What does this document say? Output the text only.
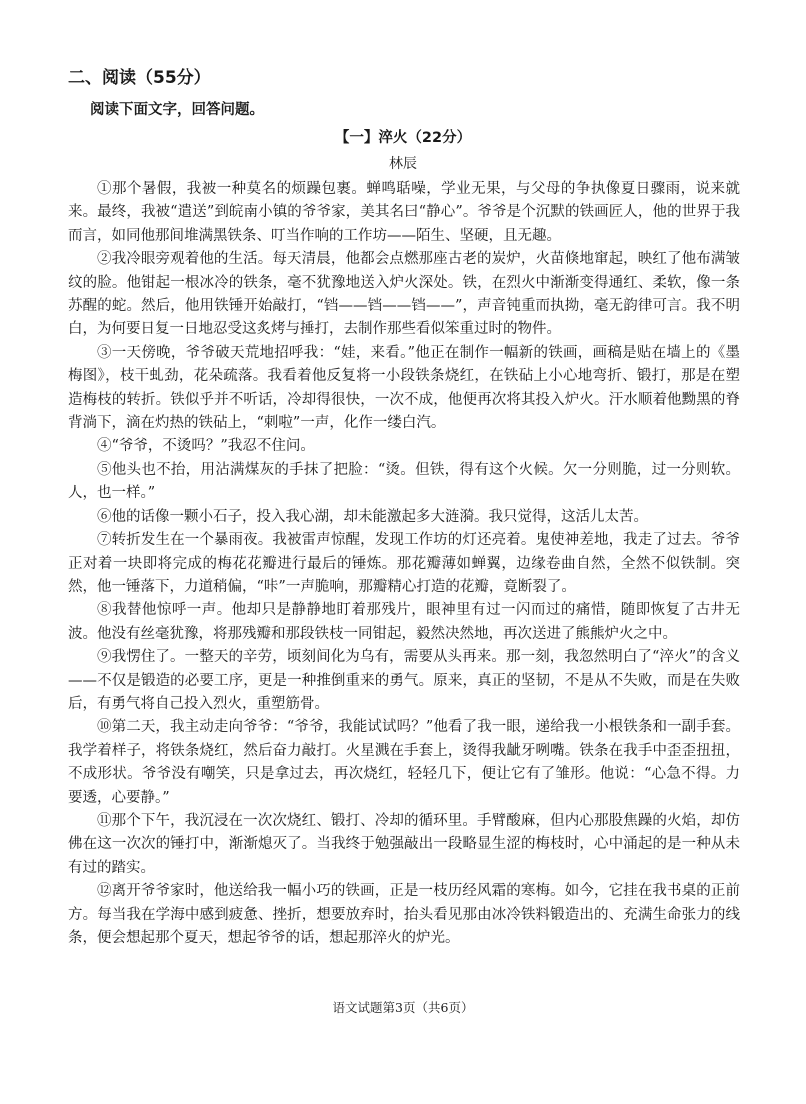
二、阅读（55分）

阅读下面文字，回答问题。

【一】淬火（22分）

林辰

①那个暑假，我被一种莫名的烦躁包裹。蝉鸣聒噪，学业无果，与父母的争执像夏日骤雨，说来就来。最终，我被“遣送”到皖南小镇的爷爷家，美其名曰“静心”。爷爷是个沉默的铁画匠人，他的世界于我而言，如同他那间堆满黑铁条、叮当作响的工作坊——陌生、坚硬，且无趣。

②我冷眼旁观着他的生活。每天清晨，他都会点燃那座古老的炭炉，火苗倏地窜起，映红了他布满皱纹的脸。他钳起一根冰冷的铁条，毫不犹豫地送入炉火深处。铁，在烈火中渐渐变得通红、柔软，像一条苏醒的蛇。然后，他用铁锤开始敲打，“铛——铛——铛——”，声音钝重而执拗，毫无韵律可言。我不明白，为何要日复一日地忍受这炙烤与捶打，去制作那些看似笨重过时的物件。

③一天傍晚，爷爷破天荒地招呼我：“娃，来看。”他正在制作一幅新的铁画，画稿是贴在墙上的《墨梅图》，枝干虬劲，花朵疏落。我看着他反复将一小段铁条烧红，在铁砧上小心地弯折、锻打，那是在塑造梅枝的转折。铁似乎并不听话，冷却得很快，一次不成，他便再次将其投入炉火。汗水顺着他黝黑的脊背淌下，滴在灼热的铁砧上，“刺啦”一声，化作一缕白汽。

④“爷爷，不烫吗？”我忍不住问。

⑤他头也不抬，用沾满煤灰的手抹了把脸：“烫。但铁，得有这个火候。欠一分则脆，过一分则软。人，也一样。”

⑥他的话像一颗小石子，投入我心湖，却未能激起多大涟漪。我只觉得，这活儿太苦。

⑦转折发生在一个暴雨夜。我被雷声惊醒，发现工作坊的灯还亮着。鬼使神差地，我走了过去。爷爷正对着一块即将完成的梅花花瓣进行最后的锤炼。那花瓣薄如蝉翼，边缘卷曲自然，全然不似铁制。突然，他一锤落下，力道稍偏，“咔”一声脆响，那瓣精心打造的花瓣，竟断裂了。

⑧我替他惊呼一声。他却只是静静地盯着那残片，眼神里有过一闪而过的痛惜，随即恢复了古井无波。他没有丝毫犹豫，将那残瓣和那段铁枝一同钳起，毅然决然地，再次送进了熊熊炉火之中。

⑨我愣住了。一整天的辛劳，顷刻间化为乌有，需要从头再来。那一刻，我忽然明白了“淬火”的含义——不仅是锻造的必要工序，更是一种推倒重来的勇气。原来，真正的坚韧，不是从不失败，而是在失败后，有勇气将自己投入烈火，重塑筋骨。

⑩第二天，我主动走向爷爷：“爷爷，我能试试吗？”他看了我一眼，递给我一小根铁条和一副手套。我学着样子，将铁条烧红，然后奋力敲打。火星溅在手套上，烫得我龇牙咧嘴。铁条在我手中歪歪扭扭，不成形状。爷爷没有嘲笑，只是拿过去，再次烧红，轻轻几下，便让它有了雏形。他说：“心急不得。力要透，心要静。”

⑪那个下午，我沉浸在一次次烧红、锻打、冷却的循环里。手臂酸麻，但内心那股焦躁的火焰，却仿佛在这一次次的锤打中，渐渐熄灭了。当我终于勉强敲出一段略显生涩的梅枝时，心中涌起的是一种从未有过的踏实。

⑫离开爷爷家时，他送给我一幅小巧的铁画，正是一枝历经风霜的寒梅。如今，它挂在我书桌的正前方。每当我在学海中感到疲惫、挫折，想要放弃时，抬头看见那由冰冷铁料锻造出的、充满生命张力的线条，便会想起那个夏天，想起爷爷的话，想起那淬火的炉光。

语文试题第3页（共6页）
